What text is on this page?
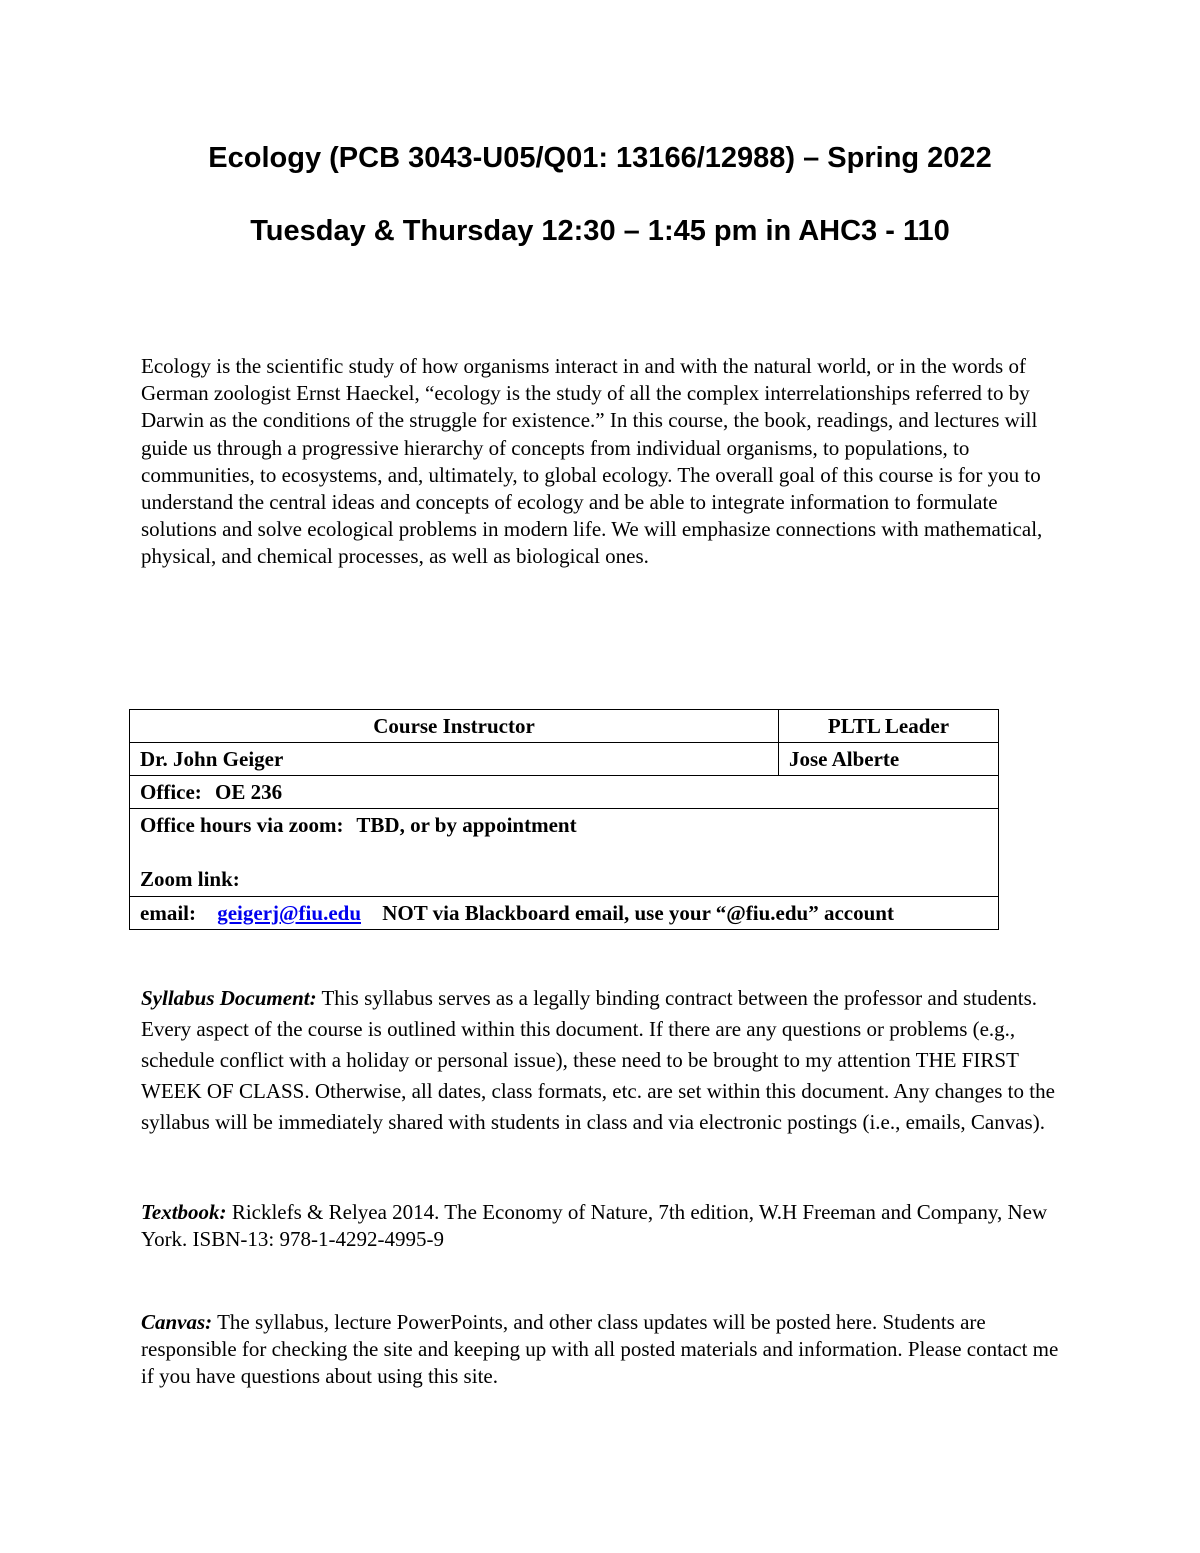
Ecology (PCB 3043-U05/Q01: 13166/12988) – Spring 2022
Tuesday & Thursday 12:30 – 1:45 pm in AHC3 - 110

Ecology is the scientific study of how organisms interact in and with the natural world, or in the words of German zoologist Ernst Haeckel, “ecology is the study of all the complex interrelationships referred to by Darwin as the conditions of the struggle for existence.” In this course, the book, readings, and lectures will guide us through a progressive hierarchy of concepts from individual organisms, to populations, to communities, to ecosystems, and, ultimately, to global ecology. The overall goal of this course is for you to understand the central ideas and concepts of ecology and be able to integrate information to formulate solutions and solve ecological problems in modern life. We will emphasize connections with mathematical, physical, and chemical processes, as well as biological ones.

Course Instructor	PLTL Leader
Dr. John Geiger	Jose Alberte
Office: OE 236	
Office hours via zoom: TBD, or by appointment
Zoom link:	
email: geigerj@fiu.edu NOT via Blackboard email, use your “@fiu.edu” account	

Syllabus Document: This syllabus serves as a legally binding contract between the professor and students. Every aspect of the course is outlined within this document. If there are any questions or problems (e.g., schedule conflict with a holiday or personal issue), these need to be brought to my attention THE FIRST WEEK OF CLASS. Otherwise, all dates, class formats, etc. are set within this document. Any changes to the syllabus will be immediately shared with students in class and via electronic postings (i.e., emails, Canvas).

Textbook: Ricklefs & Relyea 2014. The Economy of Nature, 7th edition, W.H Freeman and Company, New York. ISBN-13: 978-1-4292-4995-9

Canvas: The syllabus, lecture PowerPoints, and other class updates will be posted here. Students are responsible for checking the site and keeping up with all posted materials and information. Please contact me if you have questions about using this site.
